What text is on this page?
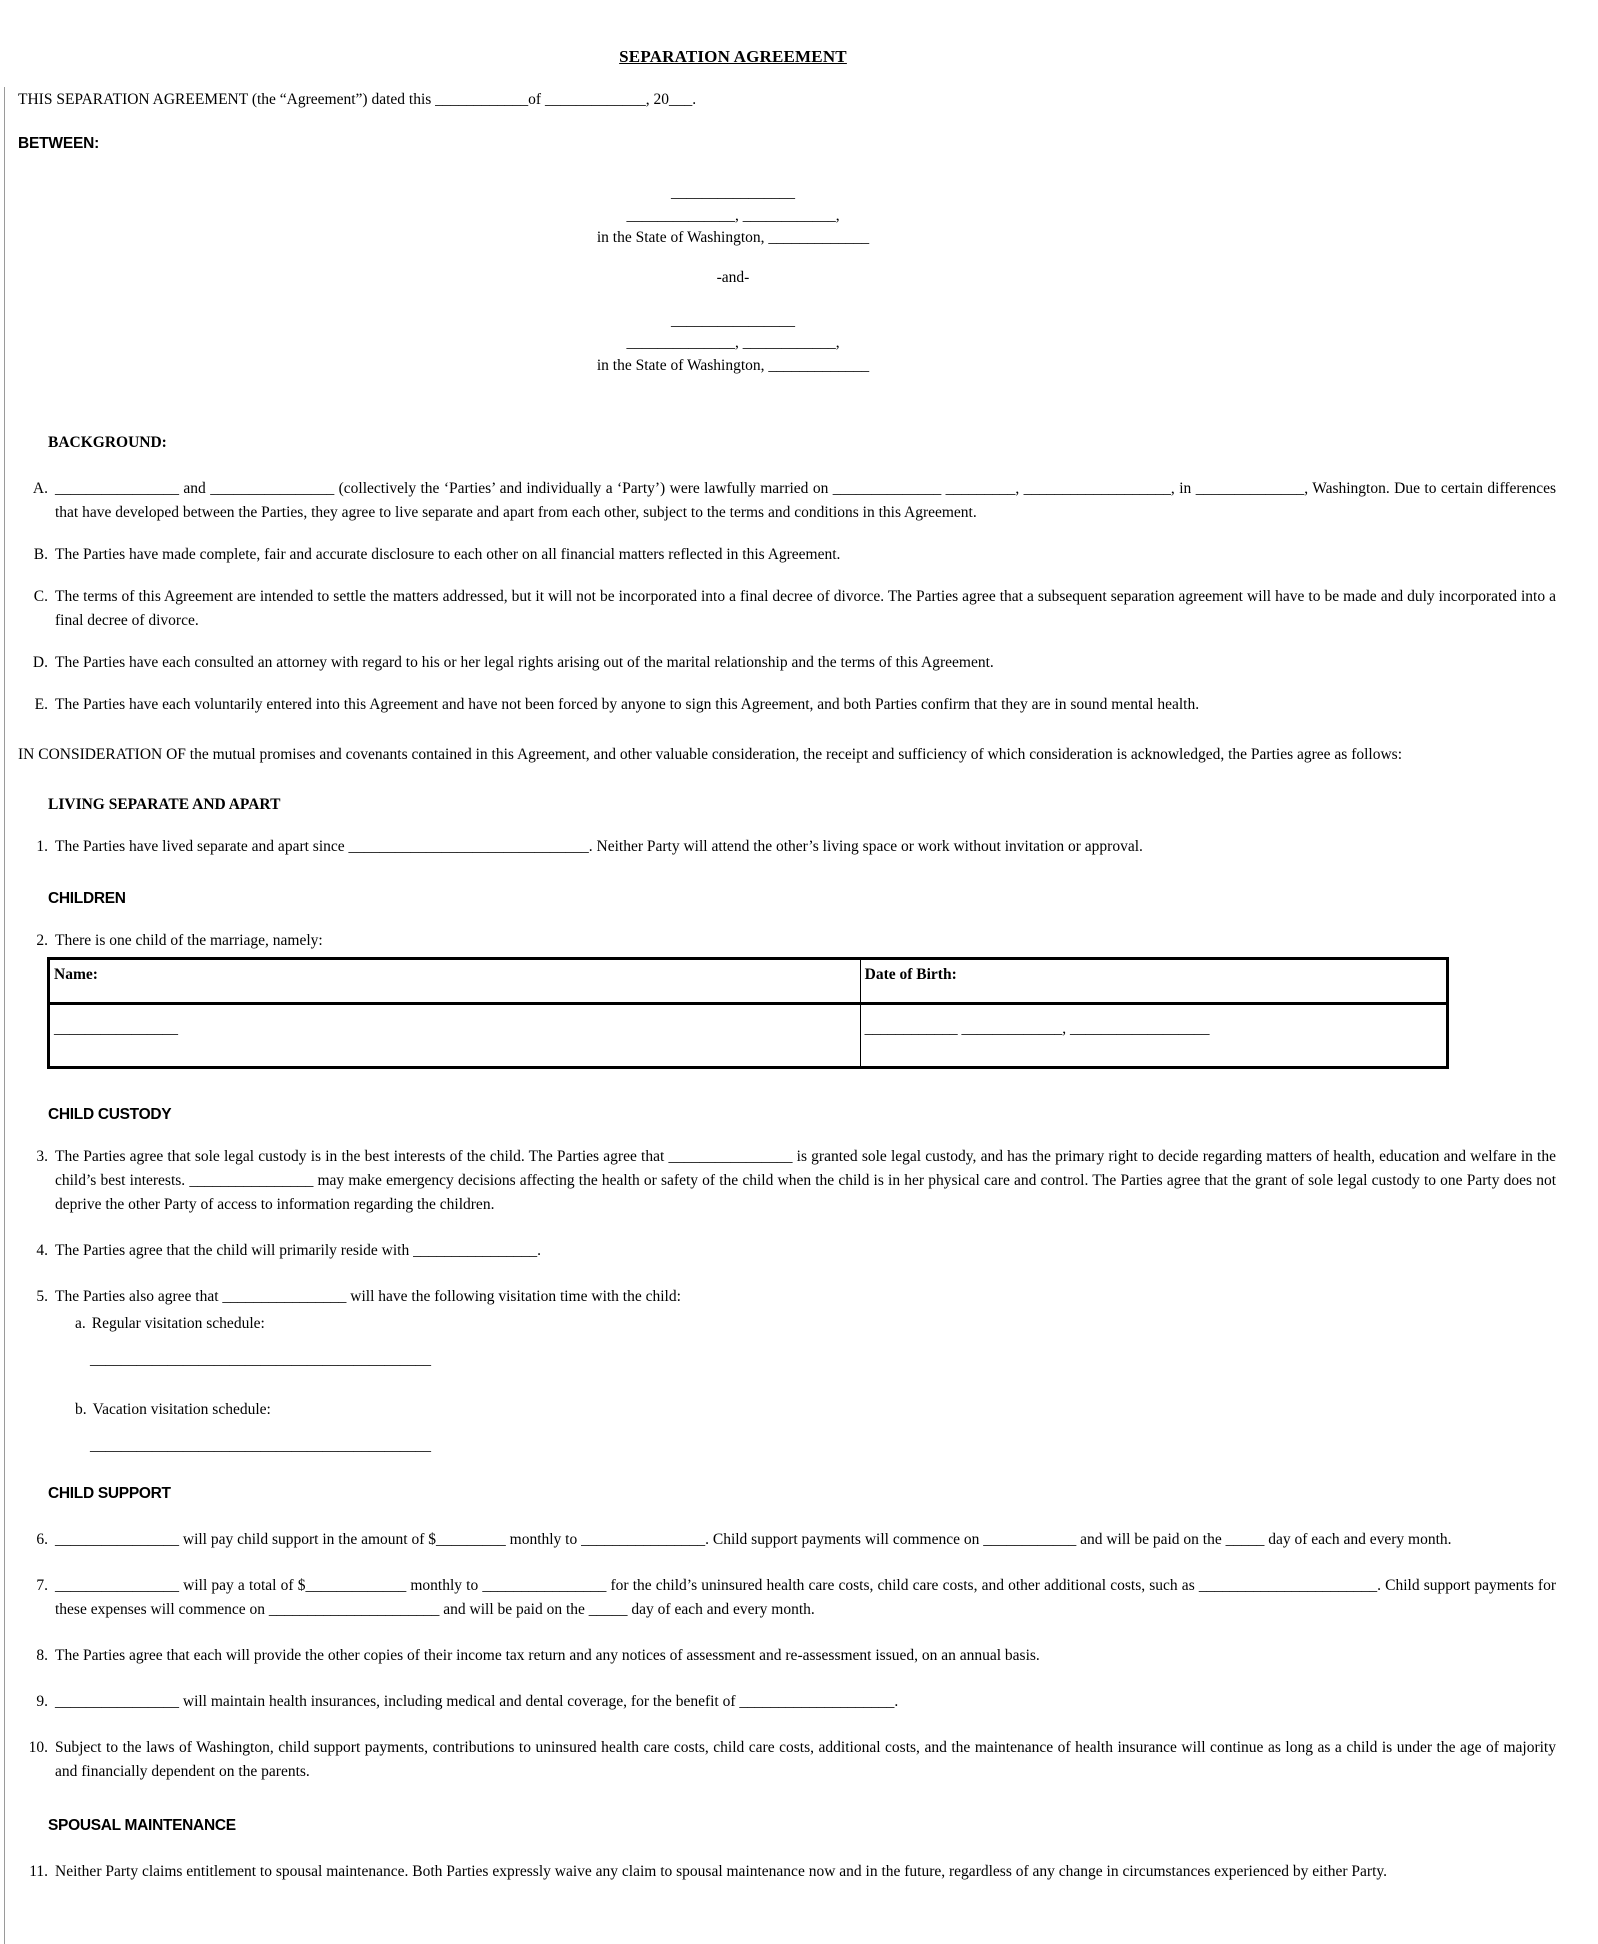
SEPARATION AGREEMENT
THIS SEPARATION AGREEMENT (the “Agreement”) dated this ____________of _____________, 20___.
BETWEEN:
________________
______________, ____________,
in the State of Washington, _____________
-and-
________________
______________, ____________,
in the State of Washington, _____________
BACKGROUND:
A. ________________ and ________________ (collectively the ‘Parties’ and individually a ‘Party’) were lawfully married on ______________ _________, ___________________, in ______________, Washington. Due to certain differences that have developed between the Parties, they agree to live separate and apart from each other, subject to the terms and conditions in this Agreement.
B. The Parties have made complete, fair and accurate disclosure to each other on all financial matters reflected in this Agreement.
C. The terms of this Agreement are intended to settle the matters addressed, but it will not be incorporated into a final decree of divorce. The Parties agree that a subsequent separation agreement will have to be made and duly incorporated into a final decree of divorce.
D. The Parties have each consulted an attorney with regard to his or her legal rights arising out of the marital relationship and the terms of this Agreement.
E. The Parties have each voluntarily entered into this Agreement and have not been forced by anyone to sign this Agreement, and both Parties confirm that they are in sound mental health.
IN CONSIDERATION OF the mutual promises and covenants contained in this Agreement, and other valuable consideration, the receipt and sufficiency of which consideration is acknowledged, the Parties agree as follows:
LIVING SEPARATE AND APART
1. The Parties have lived separate and apart since _______________________________. Neither Party will attend the other’s living space or work without invitation or approval.
CHILDREN
2. There is one child of the marriage, namely:
Name:	Date of Birth:
________________	____________ _____________, __________________
CHILD CUSTODY
3. The Parties agree that sole legal custody is in the best interests of the child. The Parties agree that ________________ is granted sole legal custody, and has the primary right to decide regarding matters of health, education and welfare in the child’s best interests. ________________ may make emergency decisions affecting the health or safety of the child when the child is in her physical care and control. The Parties agree that the grant of sole legal custody to one Party does not deprive the other Party of access to information regarding the children.
4. The Parties agree that the child will primarily reside with ________________.
5. The Parties also agree that ________________ will have the following visitation time with the child:
a. Regular visitation schedule:
____________________________________________
b. Vacation visitation schedule:
____________________________________________
CHILD SUPPORT
6. ________________ will pay child support in the amount of $_________ monthly to ________________. Child support payments will commence on ____________ and will be paid on the _____ day of each and every month.
7. ________________ will pay a total of $_____________ monthly to ________________ for the child’s uninsured health care costs, child care costs, and other additional costs, such as _______________________. Child support payments for these expenses will commence on ______________________ and will be paid on the _____ day of each and every month.
8. The Parties agree that each will provide the other copies of their income tax return and any notices of assessment and re-assessment issued, on an annual basis.
9. ________________ will maintain health insurances, including medical and dental coverage, for the benefit of ____________________.
10. Subject to the laws of Washington, child support payments, contributions to uninsured health care costs, child care costs, additional costs, and the maintenance of health insurance will continue as long as a child is under the age of majority and financially dependent on the parents.
SPOUSAL MAINTENANCE
11. Neither Party claims entitlement to spousal maintenance. Both Parties expressly waive any claim to spousal maintenance now and in the future, regardless of any change in circumstances experienced by either Party.
